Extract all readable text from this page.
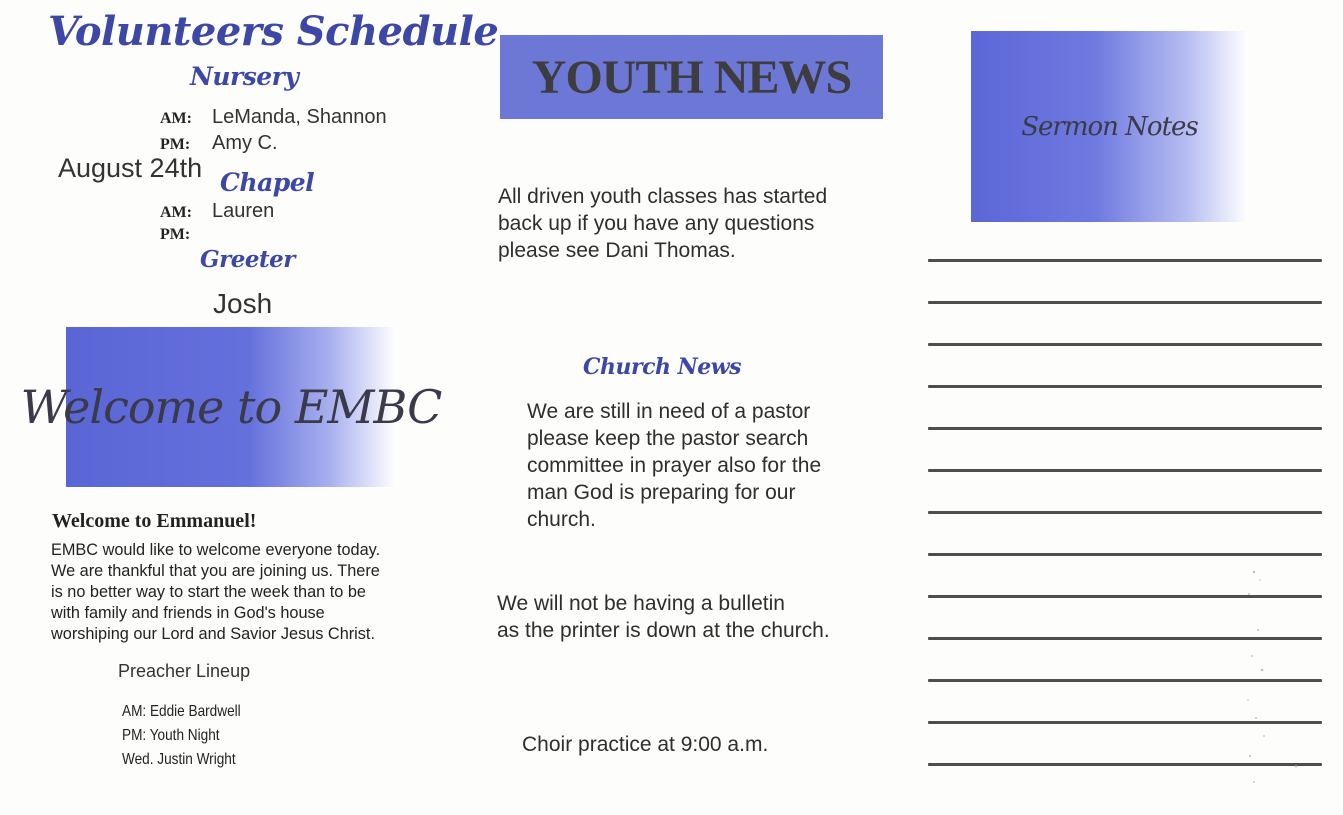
Volunteers Schedule
Nursery
AM:	LeManda, Shannon
PM:	Amy C.
August 24th Chapel
AM:	Lauren
PM:
Greeter
Josh
Welcome to EMBC
Welcome to Emmanuel!
EMBC would like to welcome everyone today.
We are thankful that you are joining us. There
is no better way to start the week than to be
with family and friends in God's house
worshiping our Lord and Savior Jesus Christ.
Preacher Lineup
AM: Eddie Bardwell
PM: Youth Night
Wed. Justin Wright
YOUTH NEWS
All driven youth classes has started
back up if you have any questions
please see Dani Thomas.
Church News
We are still in need of a pastor
please keep the pastor search
committee in prayer also for the
man God is preparing for our
church.
We will not be having a bulletin
as the printer is down at the church.
Choir practice at 9:00 a.m.
Sermon Notes
